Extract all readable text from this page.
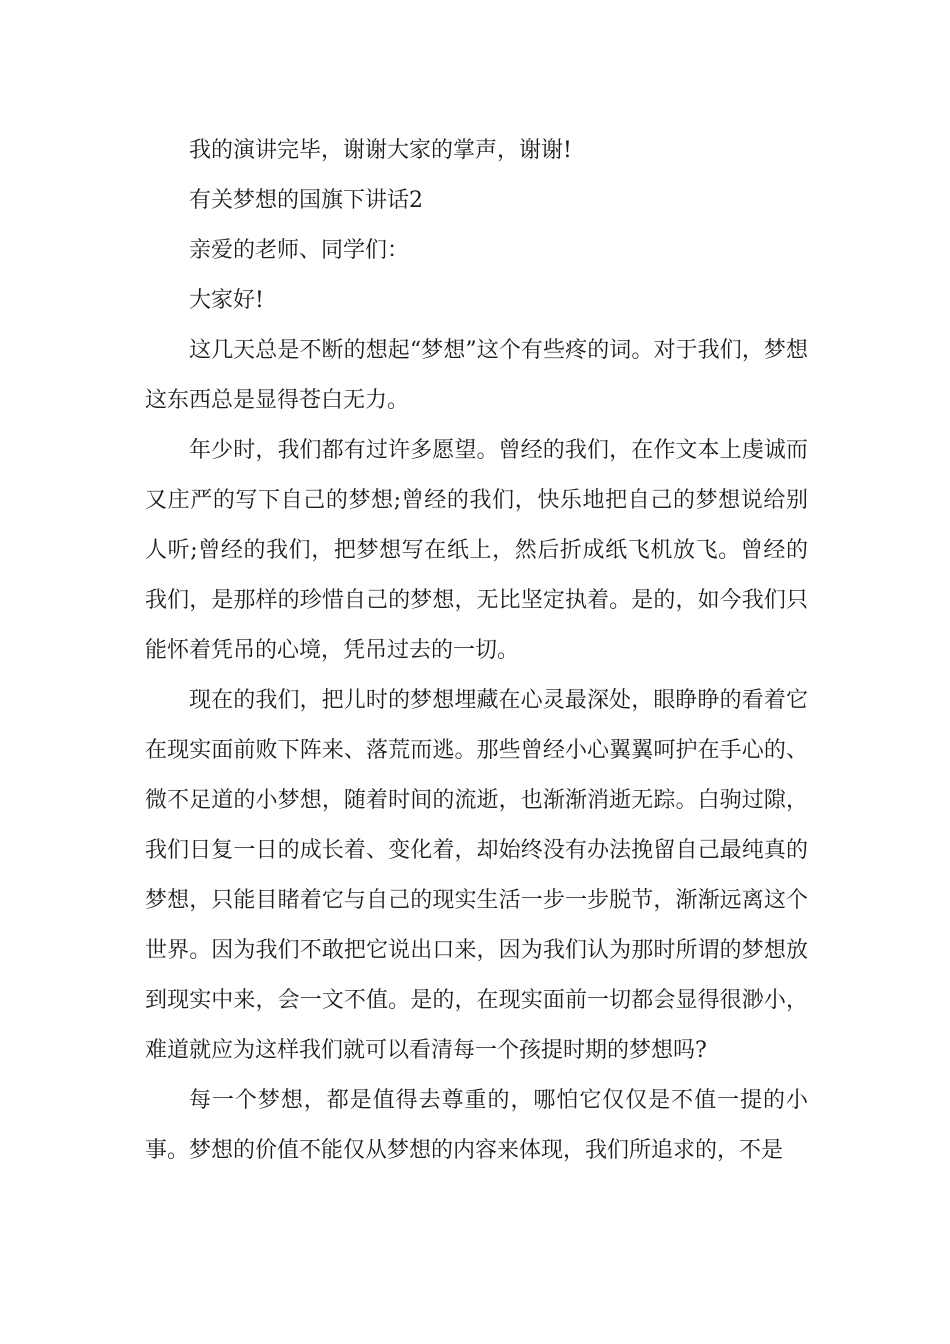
我的演讲完毕，谢谢大家的掌声，谢谢!

有关梦想的国旗下讲话2

亲爱的老师、同学们：

大家好!

这几天总是不断的想起“梦想”这个有些疼的词。对于我们，梦想这东西总是显得苍白无力。

年少时，我们都有过许多愿望。曾经的我们，在作文本上虔诚而又庄严的写下自己的梦想;曾经的我们，快乐地把自己的梦想说给别人听;曾经的我们，把梦想写在纸上，然后折成纸飞机放飞。曾经的我们，是那样的珍惜自己的梦想，无比坚定执着。是的，如今我们只能怀着凭吊的心境，凭吊过去的一切。

现在的我们，把儿时的梦想埋藏在心灵最深处，眼睁睁的看着它在现实面前败下阵来、落荒而逃。那些曾经小心翼翼呵护在手心的、微不足道的小梦想，随着时间的流逝，也渐渐消逝无踪。白驹过隙，我们日复一日的成长着、变化着，却始终没有办法挽留自己最纯真的梦想，只能目睹着它与自己的现实生活一步一步脱节，渐渐远离这个世界。因为我们不敢把它说出口来，因为我们认为那时所谓的梦想放到现实中来，会一文不值。是的，在现实面前一切都会显得很渺小，难道就应为这样我们就可以看清每一个孩提时期的梦想吗?

每一个梦想，都是值得去尊重的，哪怕它仅仅是不值一提的小事。梦想的价值不能仅从梦想的内容来体现，我们所追求的，不是
